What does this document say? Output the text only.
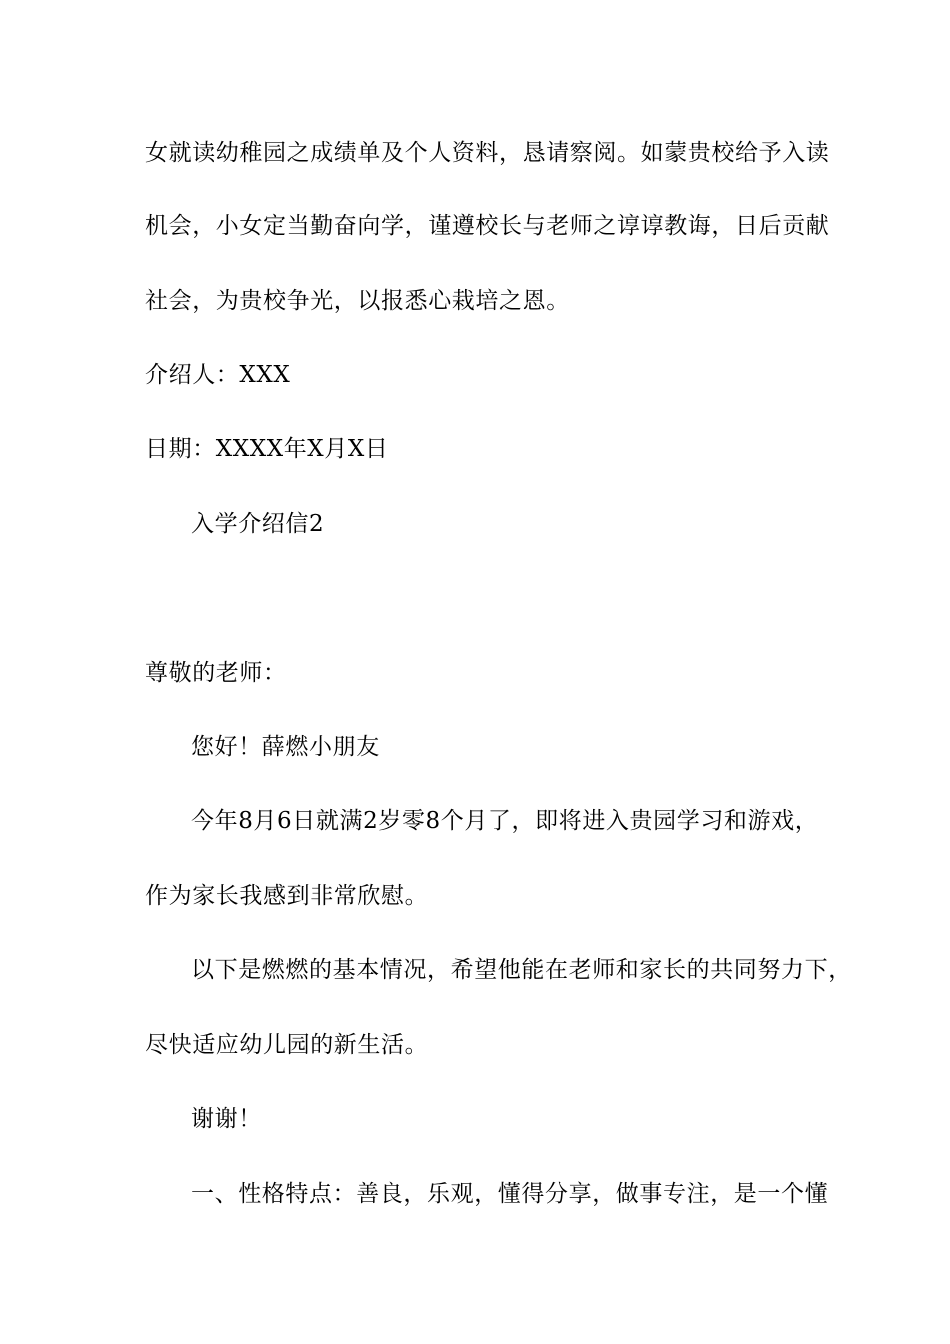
女就读幼稚园之成绩单及个人资料，恳请察阅。如蒙贵校给予入读
机会，小女定当勤奋向学，谨遵校长与老师之谆谆教诲，日后贡献
社会，为贵校争光，以报悉心栽培之恩。
介绍人：XXX
日期：XXXX年X月X日
入学介绍信2
尊敬的老师：
您好！薛燃小朋友
今年8月6日就满2岁零8个月了，即将进入贵园学习和游戏，
作为家长我感到非常欣慰。
以下是燃燃的基本情况，希望他能在老师和家长的共同努力下，
尽快适应幼儿园的新生活。
谢谢！
一、性格特点：善良，乐观，懂得分享，做事专注，是一个懂
